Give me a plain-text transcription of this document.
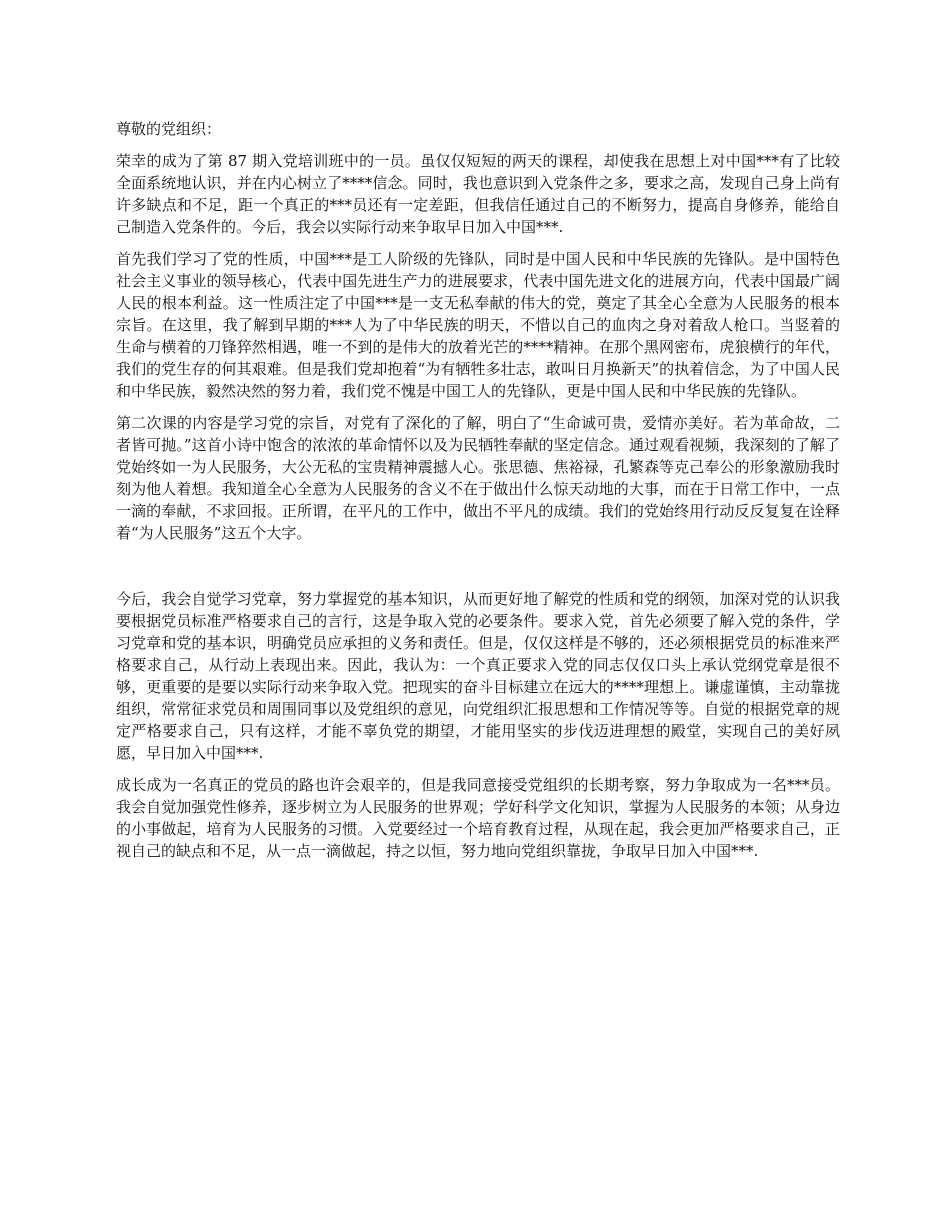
尊敬的党组织：

荣幸的成为了第 87 期入党培训班中的一员。虽仅仅短短的两天的课程，却使我在思想上对中国***有了比较全面系统地认识，并在内心树立了****信念。同时，我也意识到入党条件之多，要求之高，发现自己身上尚有许多缺点和不足，距一个真正的***员还有一定差距，但我信任通过自己的不断努力，提高自身修养，能给自己制造入党条件的。今后，我会以实际行动来争取早日加入中国***.

首先我们学习了党的性质，中国***是工人阶级的先锋队，同时是中国人民和中华民族的先锋队。是中国特色社会主义事业的领导核心，代表中国先进生产力的进展要求，代表中国先进文化的进展方向，代表中国最广阔人民的根本利益。这一性质注定了中国***是一支无私奉献的伟大的党，奠定了其全心全意为人民服务的根本宗旨。在这里，我了解到早期的***人为了中华民族的明天，不惜以自己的血肉之身对着敌人枪口。当竖着的生命与横着的刀锋猝然相遇，唯一不到的是伟大的放着光芒的****精神。在那个黑网密布，虎狼横行的年代，我们的党生存的何其艰难。但是我们党却抱着“为有牺牲多壮志，敢叫日月换新天”的执着信念，为了中国人民和中华民族，毅然决然的努力着，我们党不愧是中国工人的先锋队，更是中国人民和中华民族的先锋队。

第二次课的内容是学习党的宗旨，对党有了深化的了解，明白了“生命诚可贵，爱情亦美好。若为革命故，二者皆可抛。”这首小诗中饱含的浓浓的革命情怀以及为民牺牲奉献的坚定信念。通过观看视频，我深刻的了解了党始终如一为人民服务，大公无私的宝贵精神震撼人心。张思德、焦裕禄，孔繁森等克己奉公的形象激励我时刻为他人着想。我知道全心全意为人民服务的含义不在于做出什么惊天动地的大事，而在于日常工作中，一点一滴的奉献，不求回报。正所谓，在平凡的工作中，做出不平凡的成绩。我们的党始终用行动反反复复在诠释着“为人民服务”这五个大字。

今后，我会自觉学习党章，努力掌握党的基本知识，从而更好地了解党的性质和党的纲领，加深对党的认识我要根据党员标准严格要求自己的言行，这是争取入党的必要条件。要求入党，首先必须要了解入党的条件，学习党章和党的基本识，明确党员应承担的义务和责任。但是，仅仅这样是不够的，还必须根据党员的标准来严格要求自己，从行动上表现出来。因此，我认为：一个真正要求入党的同志仅仅口头上承认党纲党章是很不够，更重要的是要以实际行动来争取入党。把现实的奋斗目标建立在远大的****理想上。谦虚谨慎，主动靠拢组织，常常征求党员和周围同事以及党组织的意见，向党组织汇报思想和工作情况等等。自觉的根据党章的规定严格要求自己，只有这样，才能不辜负党的期望，才能用坚实的步伐迈进理想的殿堂，实现自己的美好夙愿，早日加入中国***.

成长成为一名真正的党员的路也许会艰辛的，但是我同意接受党组织的长期考察，努力争取成为一名***员。我会自觉加强党性修养，逐步树立为人民服务的世界观；学好科学文化知识，掌握为人民服务的本领；从身边的小事做起，培育为人民服务的习惯。入党要经过一个培育教育过程，从现在起，我会更加严格要求自己，正视自己的缺点和不足，从一点一滴做起，持之以恒，努力地向党组织靠拢，争取早日加入中国***.
